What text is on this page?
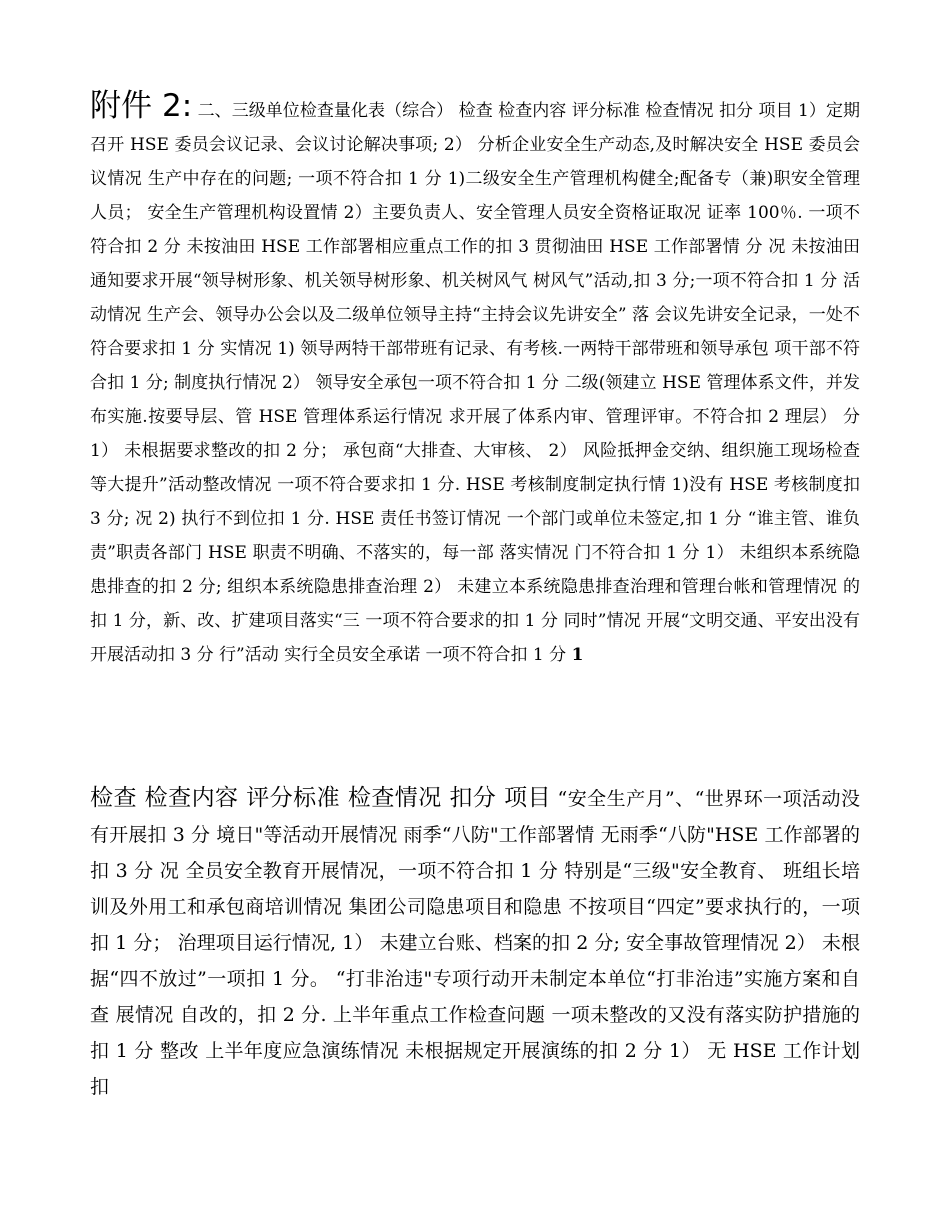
附件 2: 二、三级单位检查量化表（综合） 检查 检查内容 评分标准 检查情况 扣分 项目 1）定期召开 HSE 委员会议记录、会议讨论解决事项; 2） 分析企业安全生产动态,及时解决安全 HSE 委员会议情况 生产中存在的问题; 一项不符合扣 1 分 1)二级安全生产管理机构健全;配备专（兼)职安全管理人员； 安全生产管理机构设置情 2）主要负责人、安全管理人员安全资格证取况 证率 100％. 一项不符合扣 2 分 未按油田 HSE 工作部署相应重点工作的扣 3 贯彻油田 HSE 工作部署情 分 况 未按油田通知要求开展“领导树形象、机关领导树形象、机关树风气 树风气”活动,扣 3 分;一项不符合扣 1 分 活动情况 生产会、领导办公会以及二级单位领导主持“主持会议先讲安全” 落 会议先讲安全记录，一处不符合要求扣 1 分 实情况 1) 领导两特干部带班有记录、有考核.一两特干部带班和领导承包 项干部不符合扣 1 分; 制度执行情况 2） 领导安全承包一项不符合扣 1 分 二级(领建立 HSE 管理体系文件，并发布实施.按要导层、管 HSE 管理体系运行情况 求开展了体系内审、管理评审。不符合扣 2 理层） 分 1） 未根据要求整改的扣 2 分； 承包商“大排查、大审核、 2） 风险抵押金交纳、组织施工现场检查等大提升”活动整改情况 一项不符合要求扣 1 分. HSE 考核制度制定执行情 1)没有 HSE 考核制度扣 3 分; 况 2) 执行不到位扣 1 分. HSE 责任书签订情况 一个部门或单位未签定,扣 1 分 “谁主管、谁负责”职责各部门 HSE 职责不明确、不落实的，每一部 落实情况 门不符合扣 1 分 1） 未组织本系统隐患排查的扣 2 分; 组织本系统隐患排查治理 2） 未建立本系统隐患排查治理和管理台帐和管理情况 的扣 1 分，新、改、扩建项目落实“三 一项不符合要求的扣 1 分 同时”情况 开展“文明交通、平安出没有开展活动扣 3 分 行”活动 实行全员安全承诺 一项不符合扣 1 分 1
检查 检查内容 评分标准 检查情况 扣分 项目 “安全生产月”、“世界环一项活动没有开展扣 3 分 境日"等活动开展情况 雨季“八防"工作部署情 无雨季“八防"HSE 工作部署的扣 3 分 况 全员安全教育开展情况，一项不符合扣 1 分 特别是“三级"安全教育、 班组长培训及外用工和承包商培训情况 集团公司隐患项目和隐患 不按项目“四定”要求执行的，一项扣 1 分； 治理项目运行情况, 1） 未建立台账、档案的扣 2 分; 安全事故管理情况 2） 未根据“四不放过”一项扣 1 分。 “打非治违"专项行动开未制定本单位“打非治违”实施方案和自查 展情况 自改的，扣 2 分. 上半年重点工作检查问题 一项未整改的又没有落实防护措施的扣 1 分 整改 上半年度应急演练情况 未根据规定开展演练的扣 2 分 1） 无 HSE 工作计划扣
